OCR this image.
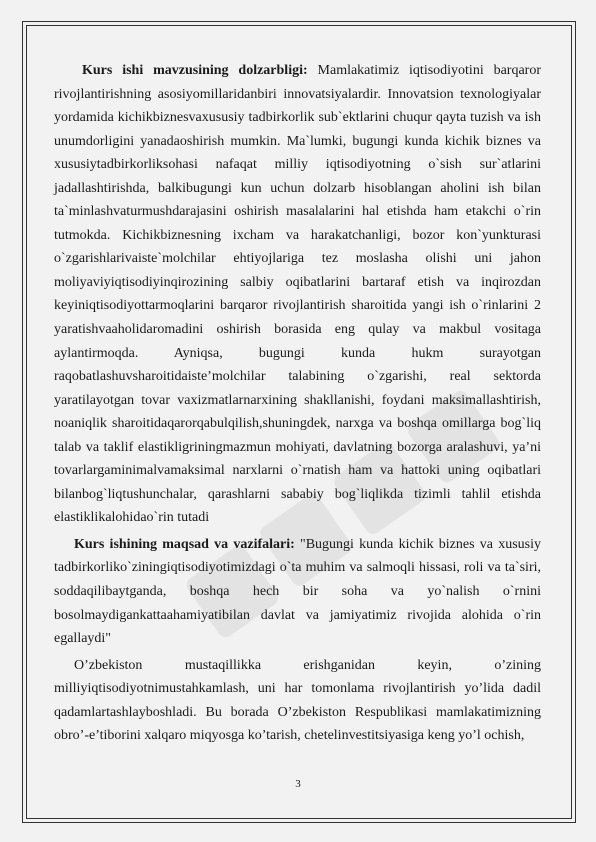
Kurs ishi mavzusining dolzarbligi: Mamlakatimiz iqtisodiyotini barqaror rivojlantirishning asosiyomillaridanbiri innovatsiyalardir. Innovatsion texnologiyalar yordamida kichikbiznesvaxususiy tadbirkorlik sub`ektlarini chuqur qayta tuzish va ish unumdorligini yanadaoshirish mumkin. Ma`lumki, bugungi kunda kichik biznes va xususiytadbirkorliksohasi nafaqat milliy iqtisodiyotning o`sish sur`atlarini jadallashtirishda, balkibugungi kun uchun dolzarb hisoblangan aholini ish bilan ta`minlashvaturmushdarajasini oshirish masalalarini hal etishda ham etakchi o`rin tutmokda. Kichikbiznesning ixcham va harakatchanligi, bozor kon`yunkturasi o`zgarishlarivaiste`molchilar ehtiyojlariga tez moslasha olishi uni jahon moliyaviyiqtisodiyinqirozining salbiy oqibatlarini bartaraf etish va inqirozdan keyiniqtisodiyottarmoqlarini barqaror rivojlantirish sharoitida yangi ish o`rinlarini 2 yaratishvaaholidaromadini oshirish borasida eng qulay va makbul vositaga aylantirmoqda. Ayniqsa, bugungi kunda hukm surayotgan raqobatlashuvsharoitidaiste’molchilar talabining o`zgarishi, real sektorda yaratilayotgan tovar vaxizmatlarnarxining shakllanishi, foydani maksimallashtirish, noaniqlik sharoitidaqarorqabulqilish,shuningdek, narxga va boshqa omillarga bog`liq talab va taklif elastikligriningmazmun mohiyati, davlatning bozorga aralashuvi, ya’ni tovarlargaminimalvamaksimal narxlarni o`rnatish ham va hattoki uning oqibatlari bilanbog`liqtushunchalar, qarashlarni sababiy bog`liqlikda tizimli tahlil etishda elastiklikalohidao`rin tutadi

Kurs ishining maqsad va vazifalari: "Bugungi kunda kichik biznes va xususiy tadbirkorliko`ziningiqtisodiyotimizdagi o`ta muhim va salmoqli hissasi, roli va ta`siri, soddaqilibaytganda, boshqa hech bir soha va yo`nalish o`rnini bosolmaydigankattaahamiyatibilan davlat va jamiyatimiz rivojida alohida o`rin egallaydi"

O’zbekiston mustaqillikka erishganidan keyin, o’zining milliyiqtisodiyotnimustahkamlash, uni har tomonlama rivojlantirish yo’lida dadil qadamlartashlayboshladi. Bu borada O’zbekiston Respublikasi mamlakatimizning obro’-e’tiborini xalqaro miqyosga ko’tarish, chetelinvestitsiyasiga keng yo’l ochish,

3
